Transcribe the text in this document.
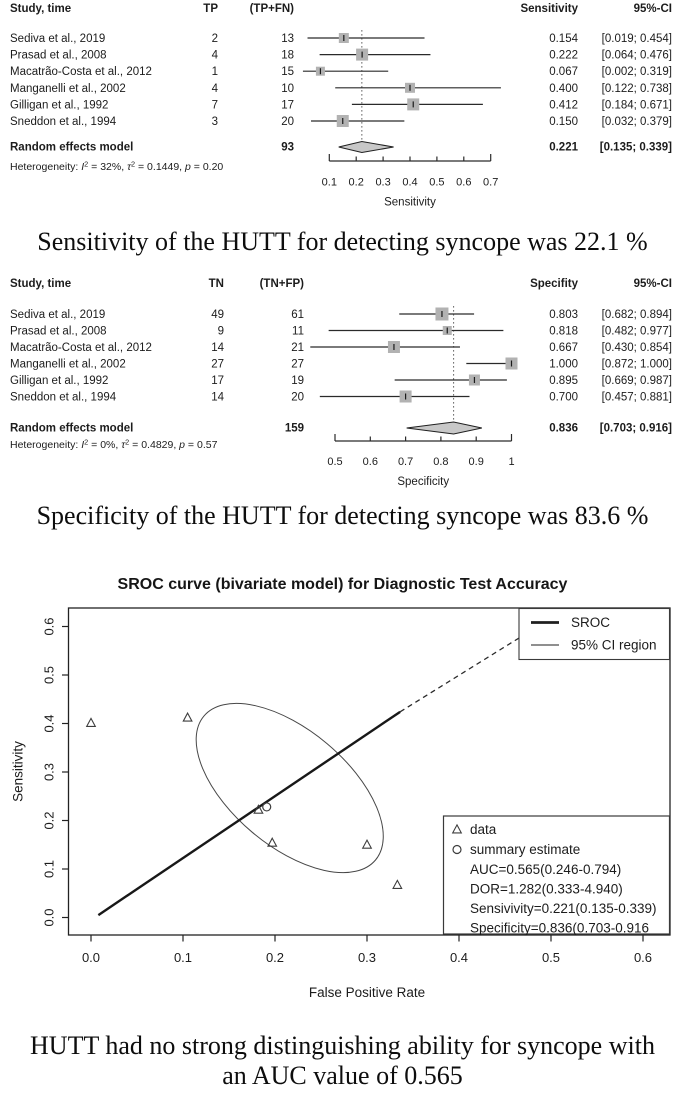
Study, time	TP	(TP+FN)	Sensitivity	95%-CI
Sediva et al., 2019	2	13	0.154 [0.019; 0.454]
Prasad et al., 2008	4	18	0.222 [0.064; 0.476]
Macatrão-Costa et al., 2012	1	15	0.067 [0.002; 0.319]
Manganelli et al., 2002	4	10	0.400 [0.122; 0.738]
Gilligan et al., 1992	7	17	0.412 [0.184; 0.671]
Sneddon et al., 1994	3	20	0.150 [0.032; 0.379]
Random effects model	93	0.221 [0.135; 0.339]
Heterogeneity: $I^2 = 32\%$, $\tau^2 = 0.1449$, p = 0.20
0.1 0.2 0.3 0.4 0.5 0.6 0.7
Sensitivity
Study, time	TN	(TN+FP)	Specifity	95%-CI
Sediva et al., 2019	49	61	0.803 [0.682; 0.894]
Prasad et al., 2008	9	11	0.818 [0.482; 0.977]
Macatrão-Costa et al., 2012	14	21	0.667 [0.430; 0.854]
Manganelli et al., 2002	27	27	1.000 [0.872; 1.000]
Gilligan et al., 1992	17	19	0.895 [0.669; 0.987]
Sneddon et al., 1994	14	20	0.700 [0.457; 0.881]
Random effects model	159	0.836 [0.703; 0.916]
Heterogeneity: $I^2 = 0\%$, $\tau^2 = 0.4829$, p = 0.57
0.5 0.6 0.7 0.8 0.9 1
Specificity
0.0	0.1	0.2	0.3	0.4	0.5	0.6
0.0
0.1
0.2
0.3
0.4
0.5
0.6
False Positive Rate
Sensitivity
SROC
95% CI region
data
summary estimate
AUC=0.565(0.246-0.794)
DOR=1.282(0.333-4.940)
Sensivivity=0.221(0.135-0.339)
Specificity=0.836(0.703-0.916
Sensitivity of the HUTT for detecting syncope was 22.1 %
Specificity of the HUTT for detecting syncope was 83.6 %
SROC curve (bivariate model) for Diagnostic Test Accuracy
HUTT had no strong distinguishing ability for syncope with
an AUC value of 0.565
